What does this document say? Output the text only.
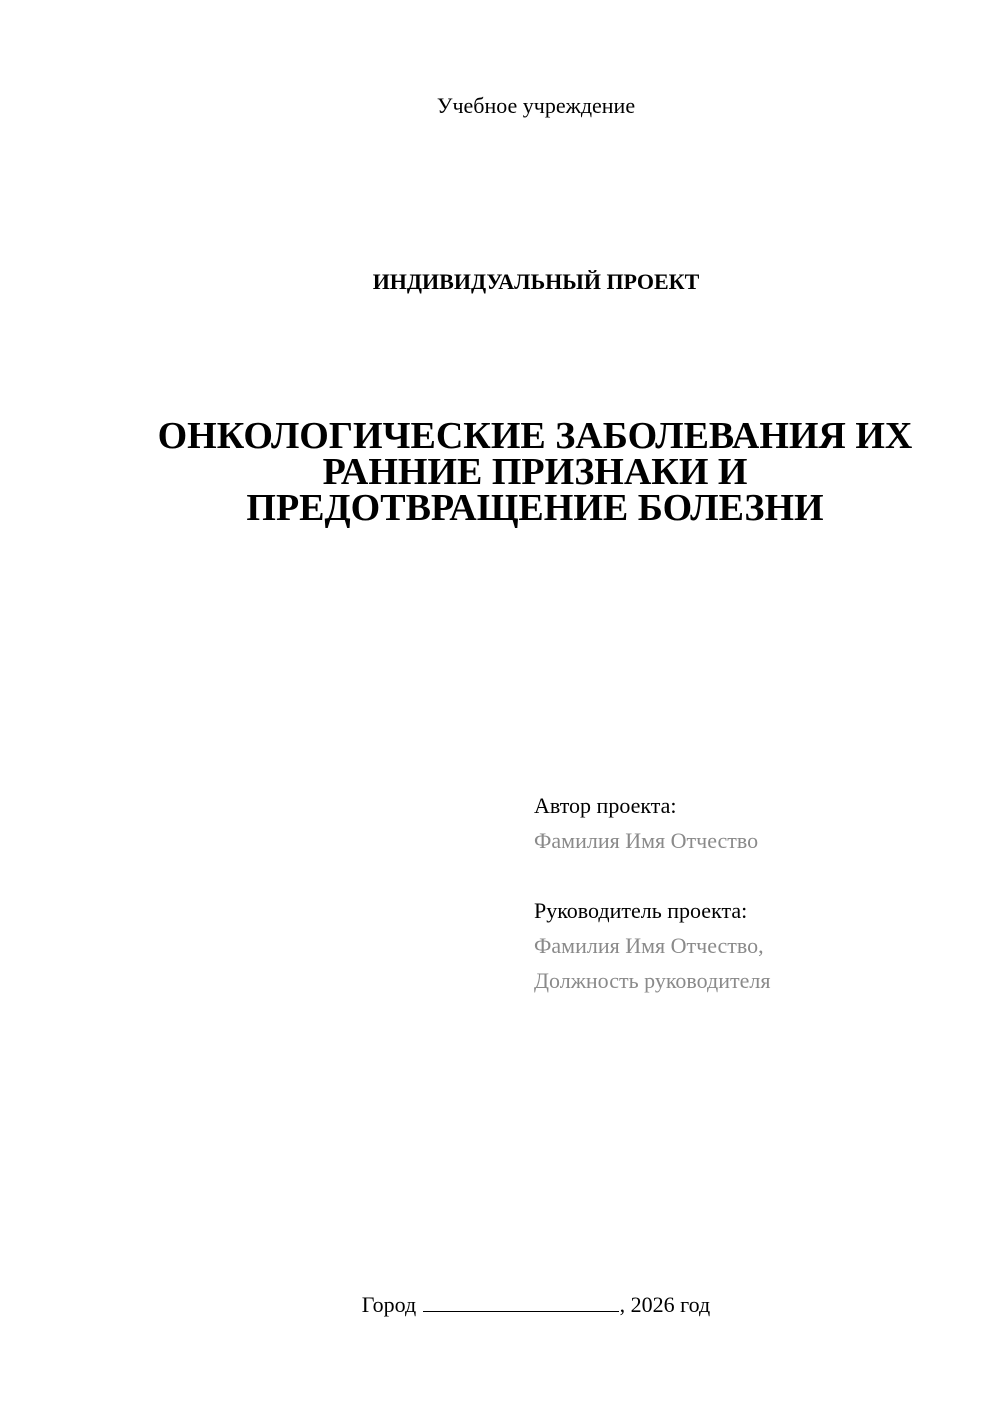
Учебное учреждение
ИНДИВИДУАЛЬНЫЙ ПРОЕКТ
ОНКОЛОГИЧЕСКИЕ ЗАБОЛЕВАНИЯ ИХ
РАННИЕ ПРИЗНАКИ И
ПРЕДОТВРАЩЕНИЕ БОЛЕЗНИ
Автор проекта:
Фамилия Имя Отчество
Руководитель проекта:
Фамилия Имя Отчество,
Должность руководителя
Город	, 2026 год
